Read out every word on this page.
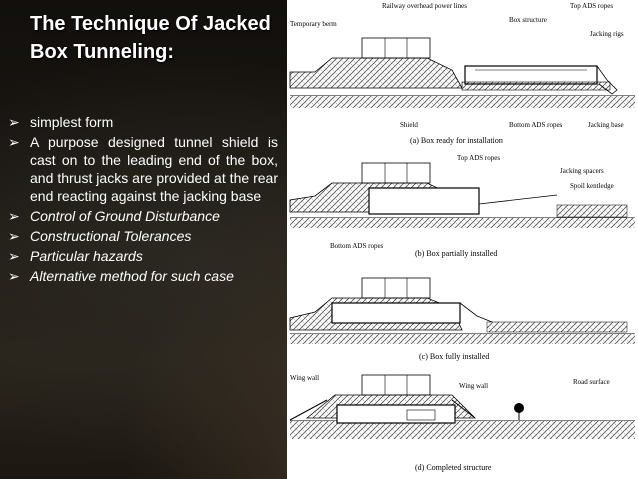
The Technique Of Jacked Box Tunneling:
➢ simplest form
➢ A purpose designed tunnel shield is cast on to the leading end of the box, and thrust jacks are provided at the rear end reacting against the jacking base
➢ Control of Ground Disturbance
➢ Constructional Tolerances
➢ Particular hazards
➢ Alternative method for such case
Temporary berm
Railway overhead power lines
Box structure
Top ADS ropes
Jacking rigs
Shield	Bottom ADS ropes	Jacking base
(a) Box ready for installation
Top ADS ropes
Jacking spacers
Spoil kentledge
Bottom ADS ropes
(b) Box partially installed
(c) Box fully installed
Wing wall
Wing wall	Road surface
(d) Completed structure
